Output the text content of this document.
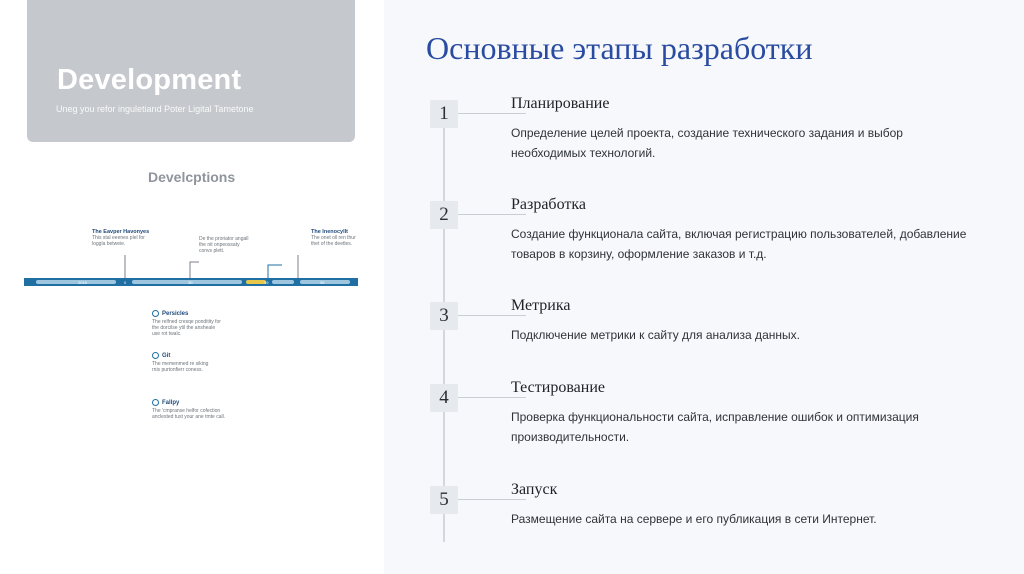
Development
Uneg you refor inguletiand Poter Ligital Tametone
Develcptions
The Eavper Havonyes
This stal eeenes plel for
loggla betweie.
De the proriator angall
the nit onpeossaty
convs plett.
The Inenocyllt
The onet oll ren thur
thet of the deetles.
2016	0	30	39	30
Persicles
The relfned cresqe ponditity for
the dorcilse ytil the ansheale
use rot twalc.
Git
The memenmed re siking
rnis purtonfierr coness.
Fallpy
The 'cmpranse helfor cofection
anclested tust your ane tmte call.
Основные этапы разработки
1	Планирование
Определение целей проекта, создание технического задания и выбор необходимых технологий.
2	Разработка
Создание функционала сайта, включая регистрацию пользователей, добавление товаров в корзину, оформление заказов и т.д.
3	Метрика
Подключение метрики к сайту для анализа данных.
4	Тестирование
Проверка функциональности сайта, исправление ошибок и оптимизация производительности.
5	Запуск
Размещение сайта на сервере и его публикация в сети Интернет.
